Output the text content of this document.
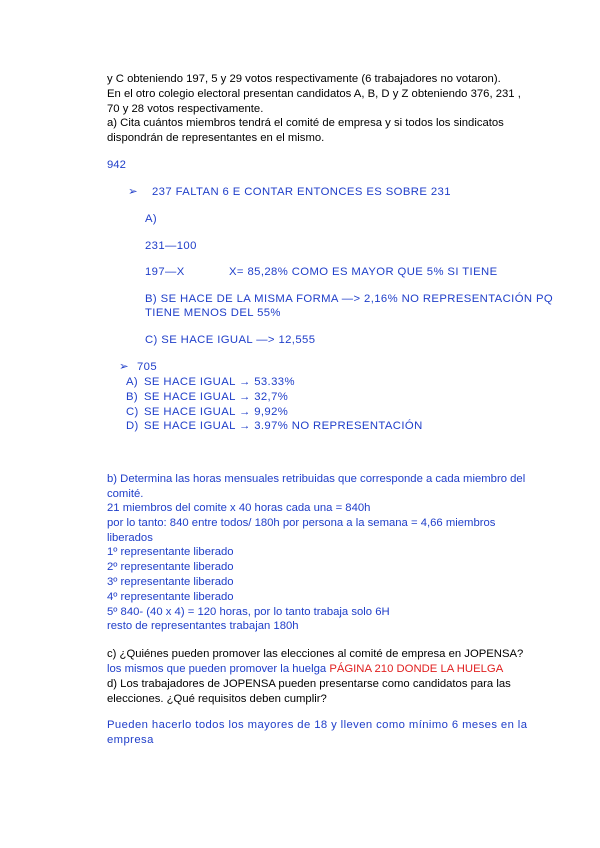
y C obteniendo 197, 5 y 29 votos respectivamente (6 trabajadores no votaron).
En el otro colegio electoral presentan candidatos A, B, D y Z obteniendo 376, 231 ,
70 y 28 votos respectivamente.
a) Cita cuántos miembros tendrá el comité de empresa y si todos los sindicatos
dispondrán de representantes en el mismo.
942
➢ 237 FALTAN 6 E CONTAR ENTONCES ES SOBRE 231
A)
231—100
197—X	X= 85,28% COMO ES MAYOR QUE 5% SI TIENE
B) SE HACE DE LA MISMA FORMA —> 2,16% NO REPRESENTACIÓN PQ
TIENE MENOS DEL 55%
C) SE HACE IGUAL —> 12,555
➢ 705
A) SE HACE IGUAL → 53.33%
B) SE HACE IGUAL → 32,7%
C) SE HACE IGUAL → 9,92%
D) SE HACE IGUAL → 3.97% NO REPRESENTACIÓN
b) Determina las horas mensuales retribuidas que corresponde a cada miembro del
comité.
21 miembros del comite x 40 horas cada una = 840h
por lo tanto: 840 entre todos/ 180h por persona a la semana = 4,66 miembros
liberados
1º representante liberado
2º representante liberado
3º representante liberado
4º representante liberado
5º 840- (40 x 4) = 120 horas, por lo tanto trabaja solo 6H
resto de representantes trabajan 180h
c) ¿Quiénes pueden promover las elecciones al comité de empresa en JOPENSA?
los mismos que pueden promover la huelga PÁGINA 210 DONDE LA HUELGA
d) Los trabajadores de JOPENSA pueden presentarse como candidatos para las
elecciones. ¿Qué requisitos deben cumplir?
Pueden hacerlo todos los mayores de 18 y lleven como mínimo 6 meses en la
empresa
